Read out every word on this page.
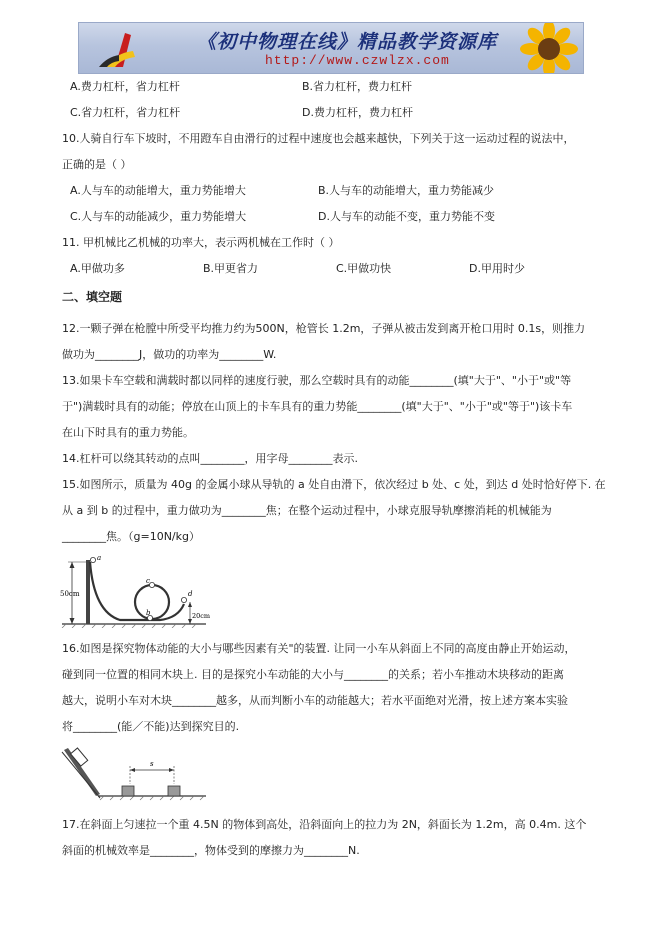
《初中物理在线》精品教学资源库
http://www.czwlzx.com
A.费力杠杆，省力杠杆	B.省力杠杆，费力杠杆
C.省力杠杆，省力杠杆	D.费力杠杆，费力杠杆
10.人骑自行车下坡时，不用蹬车自由滑行的过程中速度也会越来越快，下列关于这一运动过程的说法中，
正确的是（ ）
A.人与车的动能增大，重力势能增大	B.人与车的动能增大，重力势能减少
C.人与车的动能减少，重力势能增大	D.人与车的动能不变，重力势能不变
11. 甲机械比乙机械的功率大，表示两机械在工作时（ ）
A.甲做功多	B.甲更省力	C.甲做功快	D.甲用时少
二、填空题
12.一颗子弹在枪膛中所受平均推力约为500N，枪管长 1.2m，子弹从被击发到离开枪口用时 0.1s，则推力
做功为________J，做功的功率为________W.
13.如果卡车空载和满载时都以同样的速度行驶，那么空载时具有的动能________(填"大于"、"小于"或"等
于")满载时具有的动能；停放在山顶上的卡车具有的重力势能________(填"大于"、"小于"或"等于")该卡车
在山下时具有的重力势能。
14.杠杆可以绕其转动的点叫________，用字母________表示.
15.如图所示，质量为 40g 的金属小球从导轨的 a 处自由滑下，依次经过 b 处、c 处，到达 d 处时恰好停下. 在
从 a 到 b 的过程中，重力做功为________焦；在整个运动过程中，小球克服导轨摩擦消耗的机械能为
________焦。（g=10N/kg）
a
c
b
d
50cm
20cm
16.如图是探究物体动能的大小与哪些因素有关"的装置. 让同一小车从斜面上不同的高度由静止开始运动，
碰到同一位置的相同木块上. 目的是探究小车动能的大小与________的关系；若小车推动木块移动的距离
越大，说明小车对木块________越多，从而判断小车的动能越大；若水平面绝对光滑，按上述方案本实验
将________(能／不能)达到探究目的.
s
17.在斜面上匀速拉一个重 4.5N 的物体到高处，沿斜面向上的拉力为 2N，斜面长为 1.2m，高 0.4m. 这个
斜面的机械效率是________，物体受到的摩擦力为________N.
